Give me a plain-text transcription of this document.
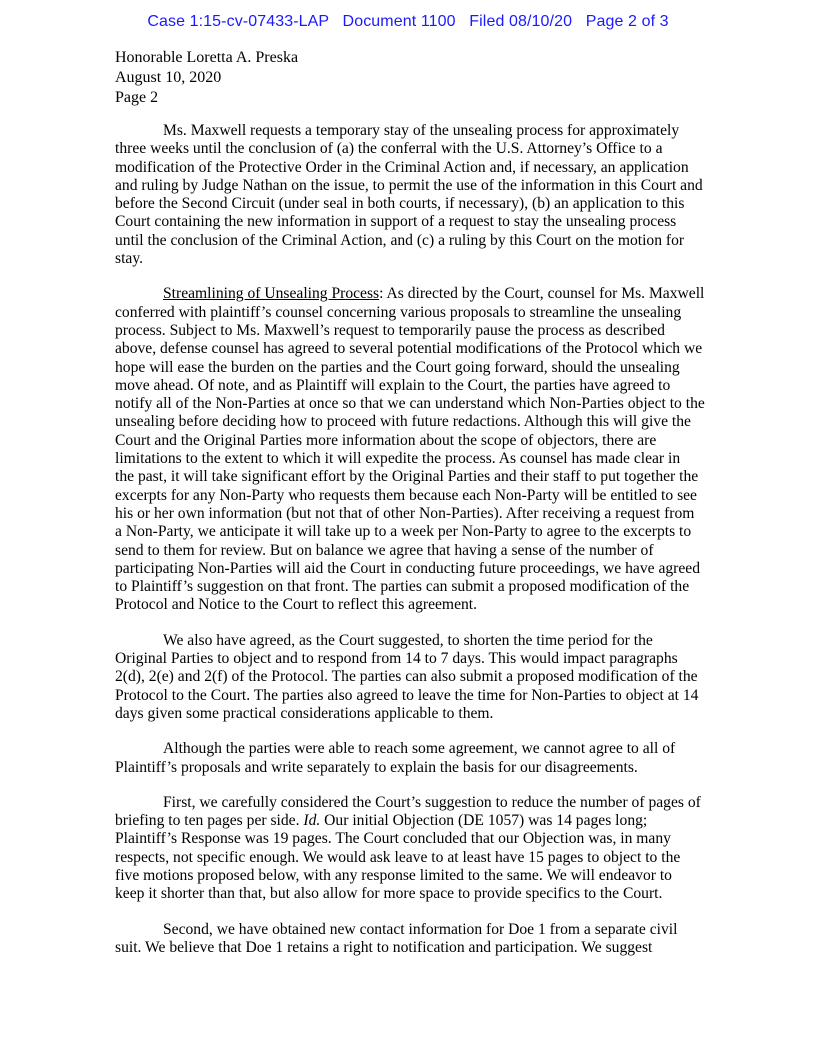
Case 1:15-cv-07433-LAP Document 1100 Filed 08/10/20 Page 2 of 3
Honorable Loretta A. Preska
August 10, 2020
Page 2

Ms. Maxwell requests a temporary stay of the unsealing process for approximately
three weeks until the conclusion of (a) the conferral with the U.S. Attorney’s Office to a
modification of the Protective Order in the Criminal Action and, if necessary, an application
and ruling by Judge Nathan on the issue, to permit the use of the information in this Court and
before the Second Circuit (under seal in both courts, if necessary), (b) an application to this
Court containing the new information in support of a request to stay the unsealing process
until the conclusion of the Criminal Action, and (c) a ruling by this Court on the motion for
stay.

Streamlining of Unsealing Process: As directed by the Court, counsel for Ms. Maxwell
conferred with plaintiff’s counsel concerning various proposals to streamline the unsealing
process. Subject to Ms. Maxwell’s request to temporarily pause the process as described
above, defense counsel has agreed to several potential modifications of the Protocol which we
hope will ease the burden on the parties and the Court going forward, should the unsealing
move ahead. Of note, and as Plaintiff will explain to the Court, the parties have agreed to
notify all of the Non-Parties at once so that we can understand which Non-Parties object to the
unsealing before deciding how to proceed with future redactions. Although this will give the
Court and the Original Parties more information about the scope of objectors, there are
limitations to the extent to which it will expedite the process. As counsel has made clear in
the past, it will take significant effort by the Original Parties and their staff to put together the
excerpts for any Non-Party who requests them because each Non-Party will be entitled to see
his or her own information (but not that of other Non-Parties). After receiving a request from
a Non-Party, we anticipate it will take up to a week per Non-Party to agree to the excerpts to
send to them for review. But on balance we agree that having a sense of the number of
participating Non-Parties will aid the Court in conducting future proceedings, we have agreed
to Plaintiff’s suggestion on that front. The parties can submit a proposed modification of the
Protocol and Notice to the Court to reflect this agreement.

We also have agreed, as the Court suggested, to shorten the time period for the
Original Parties to object and to respond from 14 to 7 days. This would impact paragraphs
2(d), 2(e) and 2(f) of the Protocol. The parties can also submit a proposed modification of the
Protocol to the Court. The parties also agreed to leave the time for Non-Parties to object at 14
days given some practical considerations applicable to them.

Although the parties were able to reach some agreement, we cannot agree to all of
Plaintiff’s proposals and write separately to explain the basis for our disagreements.

First, we carefully considered the Court’s suggestion to reduce the number of pages of
briefing to ten pages per side. Id. Our initial Objection (DE 1057) was 14 pages long;
Plaintiff’s Response was 19 pages. The Court concluded that our Objection was, in many
respects, not specific enough. We would ask leave to at least have 15 pages to object to the
five motions proposed below, with any response limited to the same. We will endeavor to
keep it shorter than that, but also allow for more space to provide specifics to the Court.

Second, we have obtained new contact information for Doe 1 from a separate civil
suit. We believe that Doe 1 retains a right to notification and participation. We suggest
